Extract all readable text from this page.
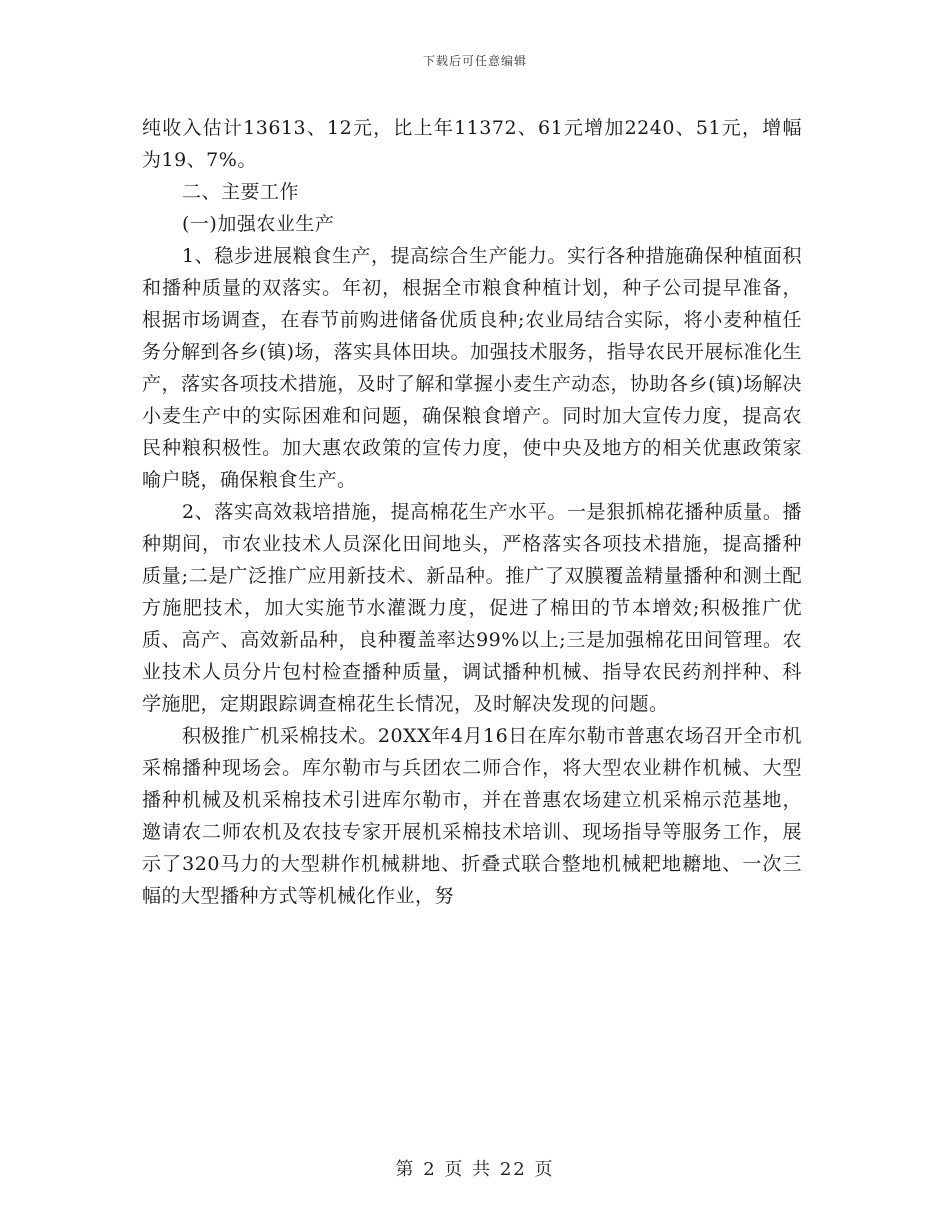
下载后可任意编辑

纯收入估计13613、12元，比上年11372、61元增加2240、51元，增幅为19、7%。

二、主要工作

(一)加强农业生产

1、稳步进展粮食生产，提高综合生产能力。实行各种措施确保种植面积和播种质量的双落实。年初，根据全市粮食种植计划，种子公司提早准备，根据市场调查，在春节前购进储备优质良种;农业局结合实际，将小麦种植任务分解到各乡(镇)场，落实具体田块。加强技术服务，指导农民开展标准化生产，落实各项技术措施，及时了解和掌握小麦生产动态，协助各乡(镇)场解决小麦生产中的实际困难和问题，确保粮食增产。同时加大宣传力度，提高农民种粮积极性。加大惠农政策的宣传力度，使中央及地方的相关优惠政策家喻户晓，确保粮食生产。

2、落实高效栽培措施，提高棉花生产水平。一是狠抓棉花播种质量。播种期间，市农业技术人员深化田间地头，严格落实各项技术措施，提高播种质量;二是广泛推广应用新技术、新品种。推广了双膜覆盖精量播种和测土配方施肥技术，加大实施节水灌溉力度，促进了棉田的节本增效;积极推广优质、高产、高效新品种，良种覆盖率达99%以上;三是加强棉花田间管理。农业技术人员分片包村检查播种质量，调试播种机械、指导农民药剂拌种、科学施肥，定期跟踪调查棉花生长情况，及时解决发现的问题。

积极推广机采棉技术。20XX年4月16日在库尔勒市普惠农场召开全市机采棉播种现场会。库尔勒市与兵团农二师合作，将大型农业耕作机械、大型播种机械及机采棉技术引进库尔勒市，并在普惠农场建立机采棉示范基地，邀请农二师农机及农技专家开展机采棉技术培训、现场指导等服务工作，展示了320马力的大型耕作机械耕地、折叠式联合整地机械耙地耱地、一次三幅的大型播种方式等机械化作业，努

第 2 页 共 22 页
